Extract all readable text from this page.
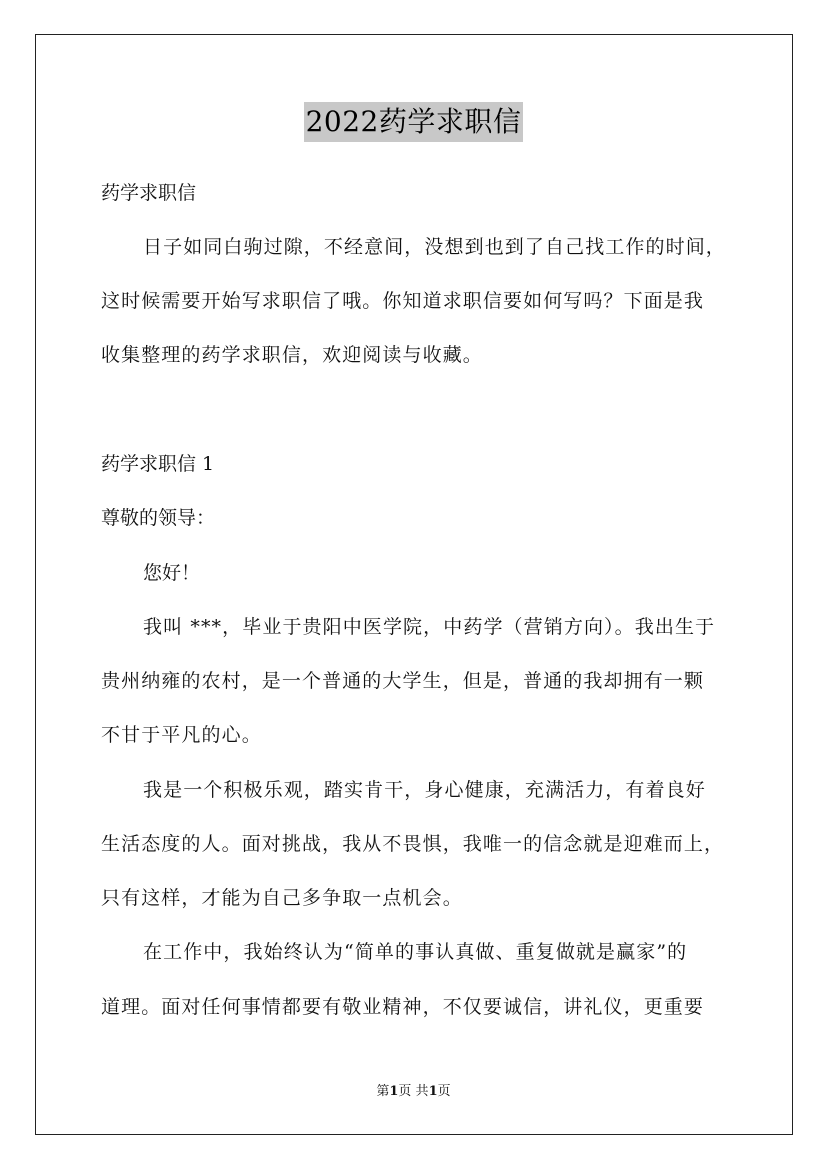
2022药学求职信
药学求职信
日子如同白驹过隙，不经意间，没想到也到了自己找工作的时间，
这时候需要开始写求职信了哦。你知道求职信要如何写吗？下面是我
收集整理的药学求职信，欢迎阅读与收藏。
药学求职信 1
尊敬的领导：
您好！
我叫 ***，毕业于贵阳中医学院，中药学（营销方向）。我出生于
贵州纳雍的农村，是一个普通的大学生，但是，普通的我却拥有一颗
不甘于平凡的心。
我是一个积极乐观，踏实肯干，身心健康，充满活力，有着良好
生活态度的人。面对挑战，我从不畏惧，我唯一的信念就是迎难而上，
只有这样，才能为自己多争取一点机会。
在工作中，我始终认为“简单的事认真做、重复做就是赢家”的
道理。面对任何事情都要有敬业精神，不仅要诚信，讲礼仪，更重要
第1页 共1页
